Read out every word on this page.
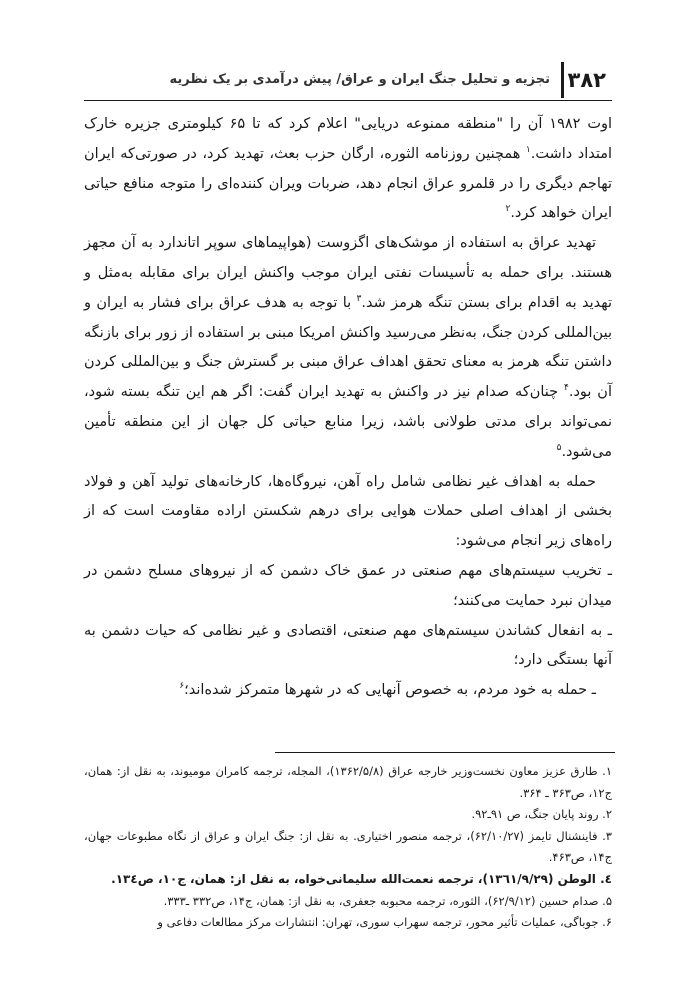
۳۸۲
تجزیه و تحلیل جنگ ایران و عراق/ پیش درآمدی بر یک نظریه

اوت ۱۹۸۲ آن را "منطقه ممنوعه دریایی" اعلام کرد که تا ۶۵ کیلومتری جزیره خارک امتداد داشت.$^۱$ همچنین روزنامه الثوره، ارگان حزب بعث، تهدید کرد، در صورتی‌که ایران تهاجم دیگری را در قلمرو عراق انجام دهد، ضربات ویران کننده‌ای را متوجه منافع حیاتی ایران خواهد کرد.$^۲$

تهدید عراق به استفاده از موشک‌های اگزوست (هواپیماهای سوپر اتاندارد به آن مجهز هستند. برای حمله به تأسیسات نفتی ایران موجب واکنش ایران برای مقابله به‌مثل و تهدید به اقدام برای بستن تنگه هرمز شد.$^۳$ با توجه به هدف عراق برای فشار به ایران و بین‌المللی کردن جنگ، به‌نظر می‌رسید واکنش امریکا مبنی بر استفاده از زور برای بازنگه داشتن تنگه هرمز به معنای تحقق اهداف عراق مبنی بر گسترش جنگ و بین‌المللی کردن آن بود.$^۴$ چنان‌که صدام نیز در واکنش به تهدید ایران گفت: اگر هم این تنگه بسته شود، نمی‌تواند برای مدتی طولانی باشد، زیرا منابع حیاتی کل جهان از این منطقه تأمین می‌شود.$^۵$

حمله به اهداف غیر نظامی شامل راه آهن، نیروگاه‌ها، کارخانه‌های تولید آهن و فولاد بخشی از اهداف اصلی حملات هوایی برای درهم شکستن اراده مقاومت است که از راه‌های زیر انجام می‌شود:

ـ تخریب سیستم‌های مهم صنعتی در عمق خاک دشمن که از نیروهای مسلح دشمن در میدان نبرد حمایت می‌کنند؛

ـ به انفعال کشاندن سیستم‌های مهم صنعتی، اقتصادی و غیر نظامی که حیات دشمن به آنها بستگی دارد؛

ـ حمله به خود مردم، به خصوص آنهایی که در شهرها متمرکز شده‌اند؛$^۶$

۱. طارق عزیز معاون نخست‌وزیر خارجه عراق (۱۳۶۲/۵/۸)، المجله، ترجمه کامران مومیوند، به نقل از: همان، ج۱۲، ص۳۶۳ ـ ۳۶۴.

۲. روند پایان جنگ، ص ۹۱ـ۹۲.

۳. فاینشنال تایمز (۶۲/۱۰/۲۷)، ترجمه منصور اختیاری. به نقل از: جنگ ایران و عراق از نگاه مطبوعات جهان، ج۱۴، ص۴۶۳.

٤. الوطن (١٣٦١/٩/٢٩)، ترجمه نعمت‌الله سلیمانی‌خواه، به نقل از: همان، ج١٠، ص١٣٤.

۵. صدام حسین (۶۲/۹/۱۲)، الثوره، ترجمه محبوبه جعفری، به نقل از: همان، ج۱۴، ص۳۳۲ ـ۳۳۳.

۶. جوباگی، عملیات تأثیر محور، ترجمه سهراب سوری، تهران: انتشارات مرکز مطالعات دفاعی و
